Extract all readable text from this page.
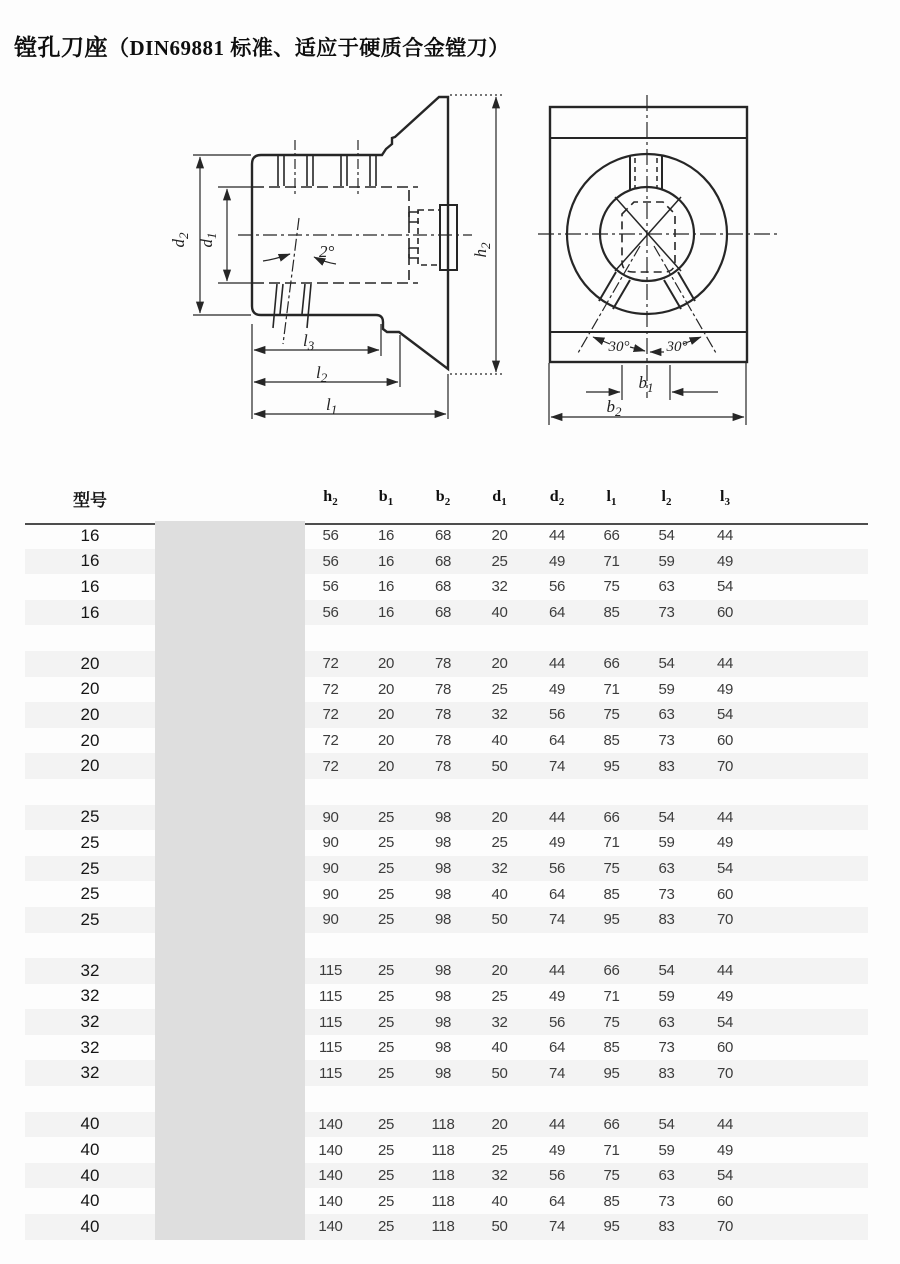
镗孔刀座（DIN69881 标准、适应于硬质合金镗刀）
$d_2$
$d_1$
$h_2$
2°
$l_3$
$l_2$
$l_1$
30° 30°
$b_1$
$b_2$
型号	$h_2$	$b_1$	$b_2$	$d_1$	$d_2$	$l_1$	$l_2$	$l_3$
16	56	16	68	20	44	66	54	44
16	56	16	68	25	49	71	59	49
16	56	16	68	32	56	75	63	54
16	56	16	68	40	64	85	73	60
20	72	20	78	20	44	66	54	44
20	72	20	78	25	49	71	59	49
20	72	20	78	32	56	75	63	54
20	72	20	78	40	64	85	73	60
20	72	20	78	50	74	95	83	70
25	90	25	98	20	44	66	54	44
25	90	25	98	25	49	71	59	49
25	90	25	98	32	56	75	63	54
25	90	25	98	40	64	85	73	60
25	90	25	98	50	74	95	83	70
32	115	25	98	20	44	66	54	44
32	115	25	98	25	49	71	59	49
32	115	25	98	32	56	75	63	54
32	115	25	98	40	64	85	73	60
32	115	25	98	50	74	95	83	70
40	140	25	118	20	44	66	54	44
40	140	25	118	25	49	71	59	49
40	140	25	118	32	56	75	63	54
40	140	25	118	40	64	85	73	60
40	140	25	118	50	74	95	83	70
